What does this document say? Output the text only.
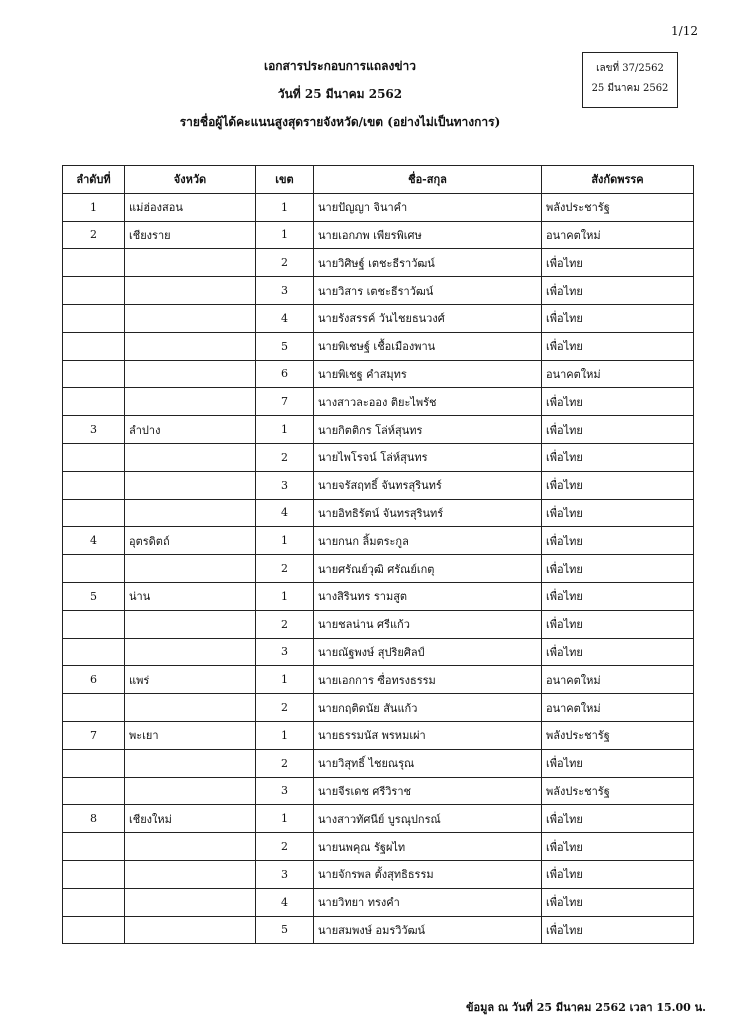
1/12
เอกสารประกอบการแถลงข่าว
วันที่ 25 มีนาคม 2562
รายชื่อผู้ได้คะแนนสูงสุดรายจังหวัด/เขต (อย่างไม่เป็นทางการ)
เลขที่ 37/2562
25 มีนาคม 2562
ลำดับที่	จังหวัด	เขต	ชื่อ-สกุล	สังกัดพรรค
1	แม่ฮ่องสอน	1	นายปัญญา จินาคำ	พลังประชารัฐ
2	เชียงราย	1	นายเอกภพ เพียรพิเศษ	อนาคตใหม่
		2	นายวิศิษฐ์ เตชะธีราวัฒน์	เพื่อไทย
		3	นายวิสาร เตชะธีราวัฒน์	เพื่อไทย
		4	นายรังสรรค์ วันไชยธนวงศ์	เพื่อไทย
		5	นายพิเชษฐ์ เชื้อเมืองพาน	เพื่อไทย
		6	นายพิเชฐ คำสมุทร	อนาคตใหม่
		7	นางสาวละออง ติยะไพรัช	เพื่อไทย
3	ลำปาง	1	นายกิตติกร โล่ห์สุนทร	เพื่อไทย
		2	นายไพโรจน์ โล่ห์สุนทร	เพื่อไทย
		3	นายจรัสฤทธิ์ จันทรสุรินทร์	เพื่อไทย
		4	นายอิทธิรัตน์ จันทรสุรินทร์	เพื่อไทย
4	อุตรดิตถ์	1	นายกนก ลิ้มตระกูล	เพื่อไทย
		2	นายศรัณย์วุฒิ ศรัณย์เกตุ	เพื่อไทย
5	น่าน	1	นางสิรินทร รามสูต	เพื่อไทย
		2	นายชลน่าน ศรีแก้ว	เพื่อไทย
		3	นายณัฐพงษ์ สุปริยศิลป์	เพื่อไทย
6	แพร่	1	นายเอกการ ซื่อทรงธรรม	อนาคตใหม่
		2	นายกฤติดนัย สันแก้ว	อนาคตใหม่
7	พะเยา	1	นายธรรมนัส พรหมเผ่า	พลังประชารัฐ
		2	นายวิสุทธิ์ ไชยณรุณ	เพื่อไทย
		3	นายจีรเดช ศรีวิราช	พลังประชารัฐ
8	เชียงใหม่	1	นางสาวทัศนีย์ บูรณุปกรณ์	เพื่อไทย
		2	นายนพคุณ รัฐผไท	เพื่อไทย
		3	นายจักรพล ตั้งสุทธิธรรม	เพื่อไทย
		4	นายวิทยา ทรงคำ	เพื่อไทย
		5	นายสมพงษ์ อมรวิวัฒน์	เพื่อไทย
ข้อมูล ณ วันที่ 25 มีนาคม 2562 เวลา 15.00 น.
